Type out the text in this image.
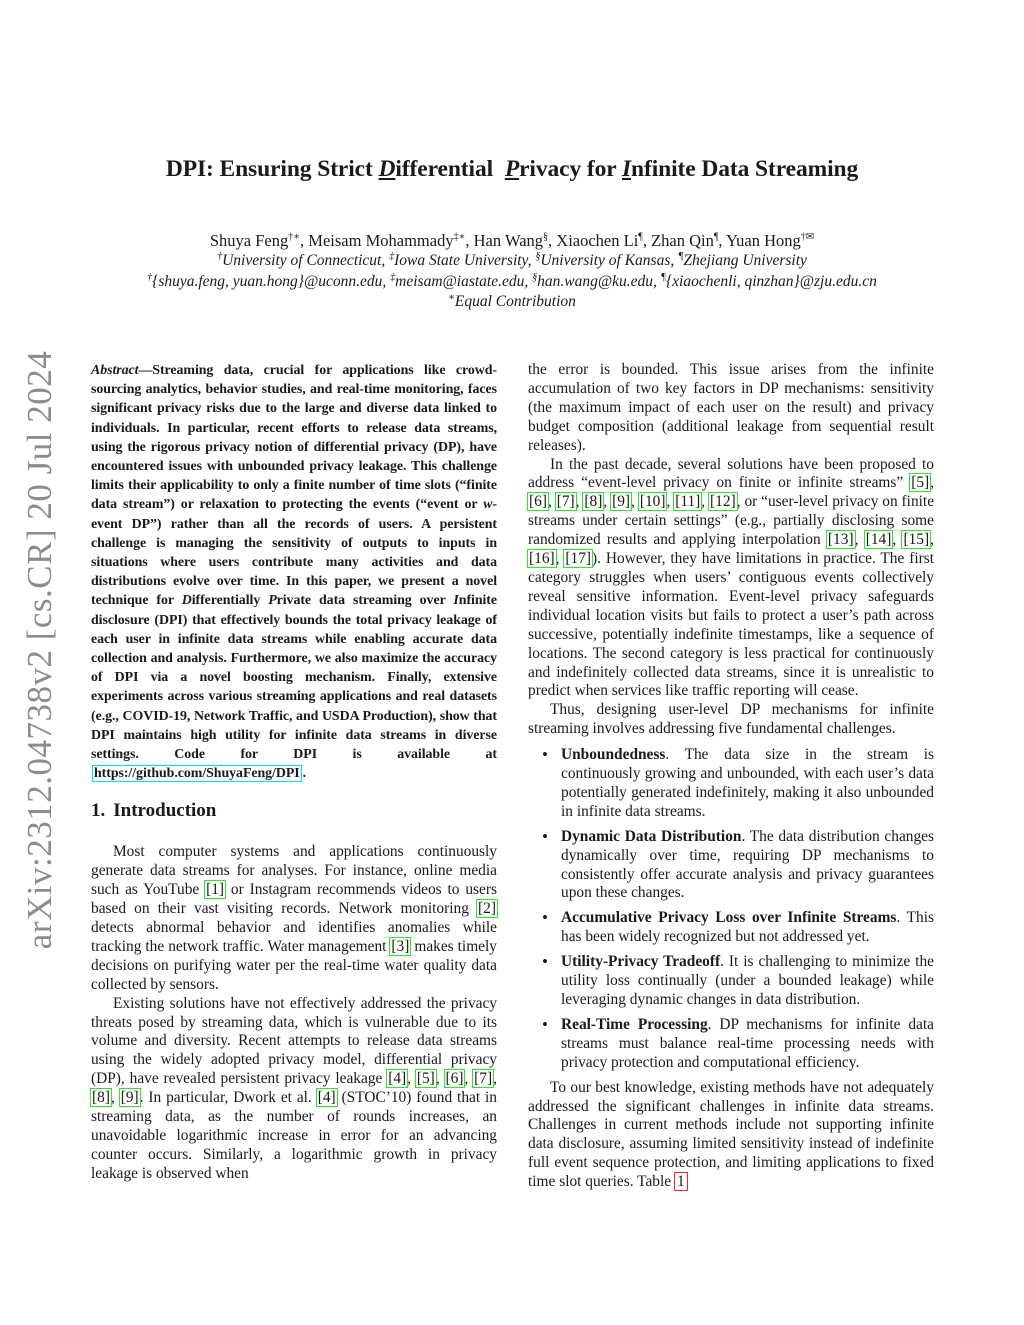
arXiv:2312.04738v2 [cs.CR] 20 Jul 2024
DPI: Ensuring Strict Differential Privacy for Infinite Data Streaming
Shuya Feng†∗, Meisam Mohammady‡∗, Han Wang§, Xiaochen Li¶, Zhan Qin¶, Yuan Hong†✉
†University of Connecticut, ‡Iowa State University, §University of Kansas, ¶Zhejiang University
†{shuya.feng, yuan.hong}@uconn.edu, ‡meisam@iastate.edu, §han.wang@ku.edu, ¶{xiaochenli, qinzhan}@zju.edu.cn
∗Equal Contribution

Abstract—Streaming data, crucial for applications like crowd-sourcing analytics, behavior studies, and real-time monitoring, faces significant privacy risks due to the large and diverse data linked to individuals. In particular, recent efforts to release data streams, using the rigorous privacy notion of differential privacy (DP), have encountered issues with unbounded privacy leakage. This challenge limits their applicability to only a finite number of time slots (“finite data stream”) or relaxation to protecting the events (“event or w-event DP”) rather than all the records of users. A persistent challenge is managing the sensitivity of outputs to inputs in situations where users contribute many activities and data distributions evolve over time. In this paper, we present a novel technique for Differentially Private data streaming over Infinite disclosure (DPI) that effectively bounds the total privacy leakage of each user in infinite data streams while enabling accurate data collection and analysis. Furthermore, we also maximize the accuracy of DPI via a novel boosting mechanism. Finally, extensive experiments across various streaming applications and real datasets (e.g., COVID-19, Network Traffic, and USDA Production), show that DPI maintains high utility for infinite data streams in diverse settings. Code for DPI is available at https://github.com/ShuyaFeng/DPI .

1. Introduction

Most computer systems and applications continuously generate data streams for analyses. For instance, online media such as YouTube [1] or Instagram recommends videos to users based on their vast visiting records. Network monitoring [2] detects abnormal behavior and identifies anomalies while tracking the network traffic. Water management [3] makes timely decisions on purifying water per the real-time water quality data collected by sensors.

Existing solutions have not effectively addressed the privacy threats posed by streaming data, which is vulnerable due to its volume and diversity. Recent attempts to release data streams using the widely adopted privacy model, differential privacy (DP), have revealed persistent privacy leakage [4], [5], [6], [7], [8], [9]. In particular, Dwork et al. [4] (STOC’10) found that in streaming data, as the number of rounds increases, an unavoidable logarithmic increase in error for an advancing counter occurs. Similarly, a logarithmic growth in privacy leakage is observed when

the error is bounded. This issue arises from the infinite accumulation of two key factors in DP mechanisms: sensitivity (the maximum impact of each user on the result) and privacy budget composition (additional leakage from sequential result releases).

In the past decade, several solutions have been proposed to address “event-level privacy on finite or infinite streams” [5], [6], [7], [8], [9], [10], [11], [12], or “user-level privacy on finite streams under certain settings” (e.g., partially disclosing some randomized results and applying interpolation [13], [14], [15], [16], [17]). However, they have limitations in practice. The first category struggles when users’ contiguous events collectively reveal sensitive information. Event-level privacy safeguards individual location visits but fails to protect a user’s path across successive, potentially indefinite timestamps, like a sequence of locations. The second category is less practical for continuously and indefinitely collected data streams, since it is unrealistic to predict when services like traffic reporting will cease.

Thus, designing user-level DP mechanisms for infinite streaming involves addressing five fundamental challenges.

• Unboundedness. The data size in the stream is continuously growing and unbounded, with each user’s data potentially generated indefinitely, making it also unbounded in infinite data streams.
• Dynamic Data Distribution. The data distribution changes dynamically over time, requiring DP mechanisms to consistently offer accurate analysis and privacy guarantees upon these changes.
• Accumulative Privacy Loss over Infinite Streams. This has been widely recognized but not addressed yet.
• Utility-Privacy Tradeoff. It is challenging to minimize the utility loss continually (under a bounded leakage) while leveraging dynamic changes in data distribution.
• Real-Time Processing. DP mechanisms for infinite data streams must balance real-time processing needs with privacy protection and computational efficiency.

To our best knowledge, existing methods have not adequately addressed the significant challenges in infinite data streams. Challenges in current methods include not supporting infinite data disclosure, assuming limited sensitivity instead of indefinite full event sequence protection, and limiting applications to fixed time slot queries. Table 1
